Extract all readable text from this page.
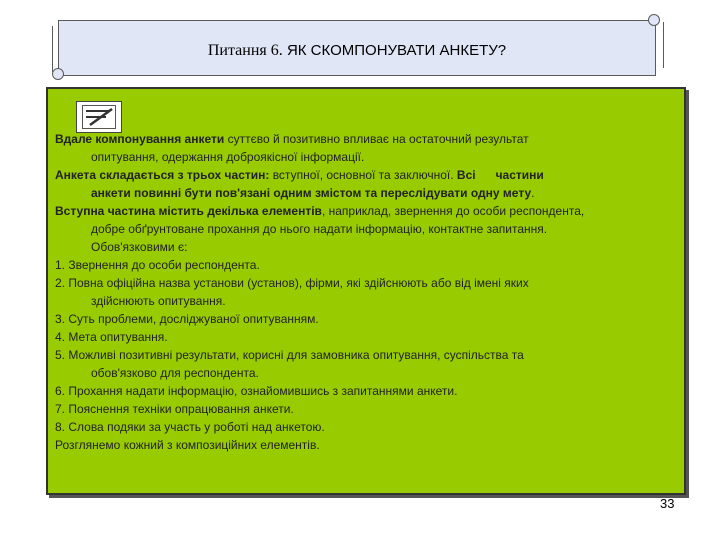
Питання 6. ЯК СКОМПОНУВАТИ АНКЕТУ?

Вдале компонування анкети суттєво й позитивно впливає на остаточний результат

опитування, одержання доброякісної інформації.

Анкета складається з трьох частин: вступної, основної та заключної. Всі      частини

анкети повинні бути пов'язані одним змістом та переслідувати одну мету.

Вступна частина містить декілька елементів, наприклад, звернення до особи респондента,

добре обґрунтоване прохання до нього надати інформацію, контактне запитання.

Обов'язковими є:

1. Звернення до особи респондента.

2. Повна офіційна назва установи (установ), фірми, які здійснюють або від імені яких

здійснюють опитування.

3. Суть проблеми, досліджуваної опитуванням.

4. Мета опитування.

5. Можливі позитивні результати, корисні для замовника опитування, суспільства та

обов'язково для респондента.

6. Прохання надати інформацію, ознайомившись з запитаннями анкети.

7. Пояснення техніки опрацювання анкети.

8. Слова подяки за участь у роботі над анкетою.

Розглянемо кожний з композиційних елементів.

33
